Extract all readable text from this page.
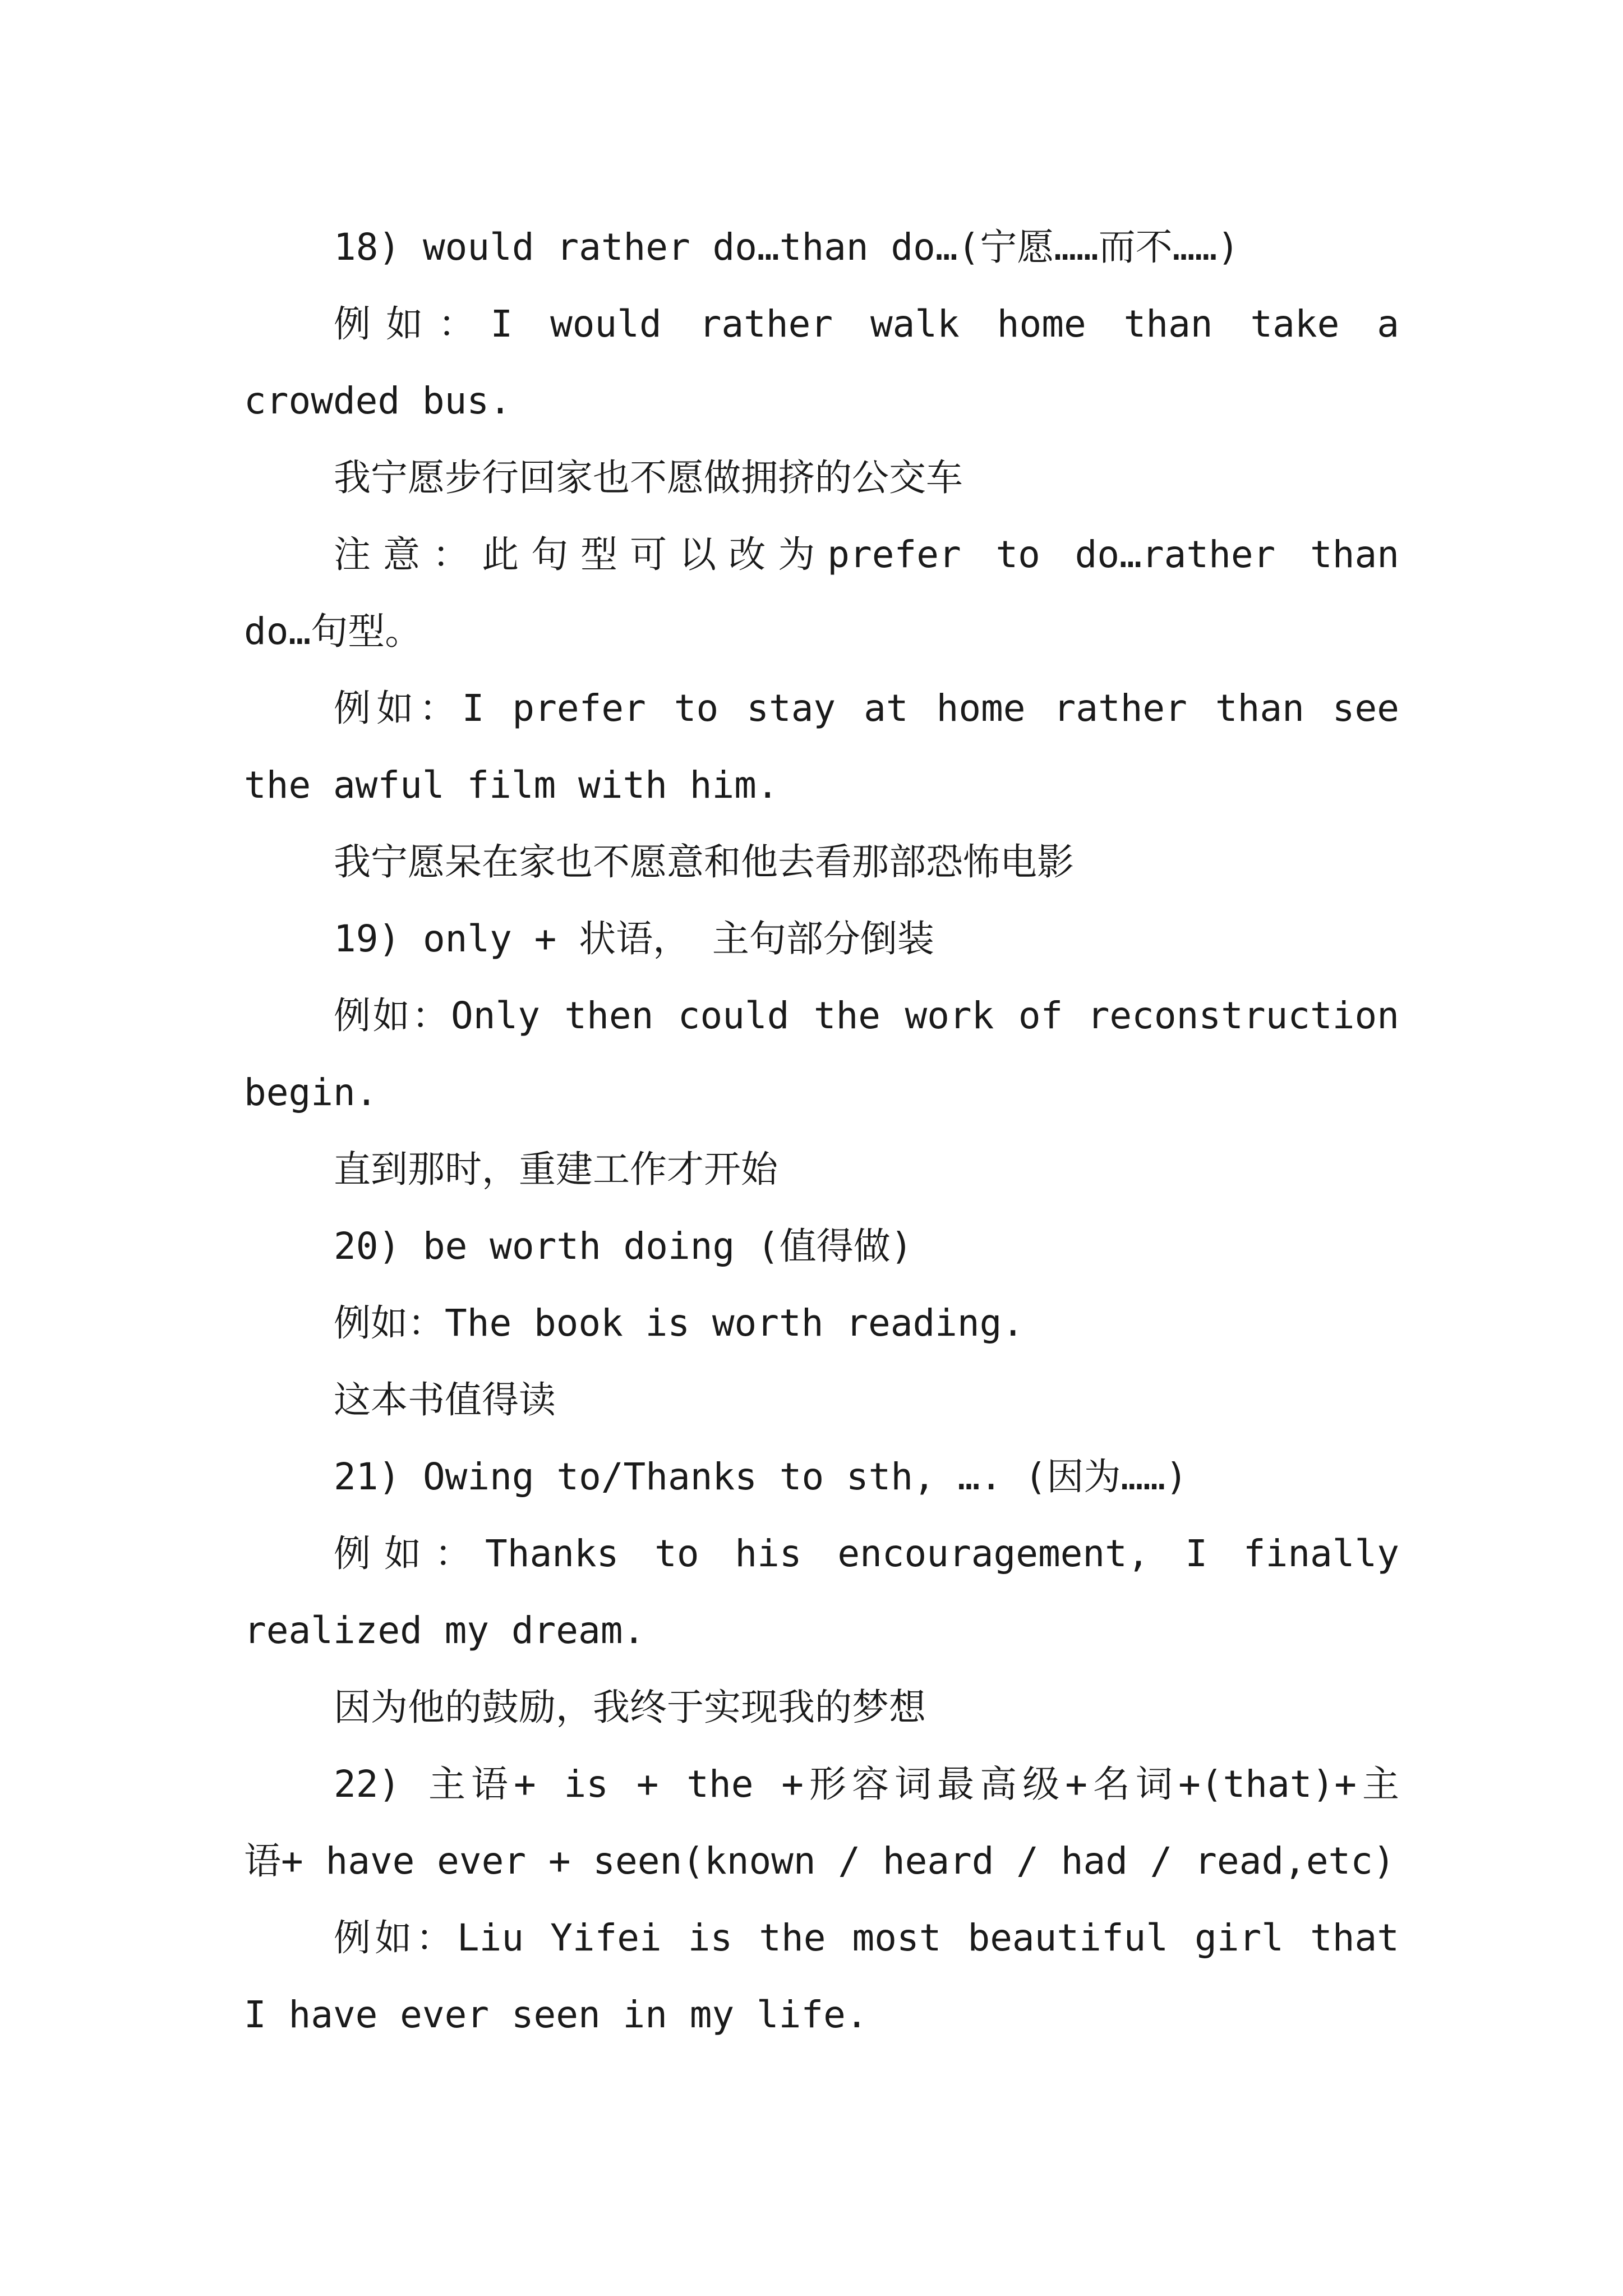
18) would rather do…than do…(宁愿……而不……)
例如：I would rather walk home than take a
crowded bus.
我宁愿步行回家也不愿做拥挤的公交车
注意：此句型可以改为prefer to do…rather than
do…句型。
例如：I prefer to stay at home rather than see
the awful film with him.
我宁愿呆在家也不愿意和他去看那部恐怖电影
19) only + 状语， 主句部分倒装
例如：Only then could the work of reconstruction
begin.
直到那时，重建工作才开始
20) be worth doing (值得做)
例如：The book is worth reading.
这本书值得读
21) Owing to/Thanks to sth, …. (因为……)
例如：Thanks to his encouragement, I finally
realized my dream.
因为他的鼓励，我终于实现我的梦想
22) 主语+ is + the +形容词最高级+名词+(that)+主
语+ have ever + seen(known / heard / had / read,etc)
例如：Liu Yifei is the most beautiful girl that
I have ever seen in my life.
